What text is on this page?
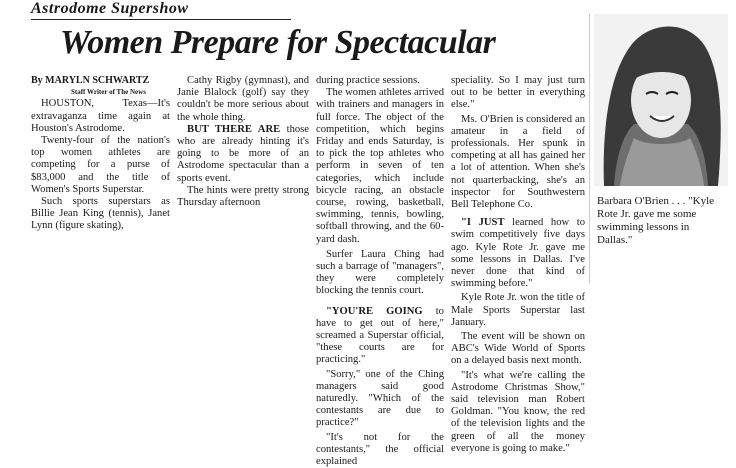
Astrodome Supershow
Women Prepare for Spectacular

By MARYLN SCHWARTZ

Staff Writer of The News

HOUSTON, Texas—It's extravaganza time again at Houston's Astrodome.

Twenty-four of the nation's top women athletes are competing for a purse of $83,000 and the title of Women's Sports Superstar.

Such sports superstars as Billie Jean King (tennis), Janet Lynn (figure skating),

Cathy Rigby (gymnast), and Janie Blalock (golf) say they couldn't be more serious about the whole thing.

BUT THERE ARE those who are already hinting it's going to be more of an Astrodome spectacular than a sports event.

The hints were pretty strong Thursday afternoon

during practice sessions.

The women athletes arrived with trainers and managers in full force. The object of the competition, which begins Friday and ends Saturday, is to pick the top athletes who perform in seven of ten categories, which include bicycle racing, an obstacle course, rowing, basketball, swimming, tennis, bowling, softball throwing, and the 60-yard dash.

Surfer Laura Ching had such a barrage of "managers", they were completely blocking the tennis court.

"YOU'RE GOING to have to get out of here," screamed a Superstar official, "these courts are for practicing."

"Sorry," one of the Ching managers said good naturedly. "Which of the contestants are due to practice?"

"It's not for the contestants," the official explained

speciality. So I may just turn out to be better in everything else."

Ms. O'Brien is considered an amateur in a field of professionals. Her spunk in competing at all has gained her a lot of attention. When she's not quarterbacking, she's an inspector for Southwestern Bell Telephone Co.

"I JUST learned how to swim competitively five days ago. Kyle Rote Jr. gave me some lessons in Dallas. I've never done that kind of swimming before."

Kyle Rote Jr. won the title of Male Sports Superstar last January.

The event will be shown on ABC's Wide World of Sports on a delayed basis next month.

"It's what we're calling the Astrodome Christmas Show," said television man Robert Goldman. "You know, the red of the television lights and the green of all the money everyone is going to make."

Barbara O'Brien . . . "Kyle Rote Jr. gave me some swimming lessons in Dallas."
